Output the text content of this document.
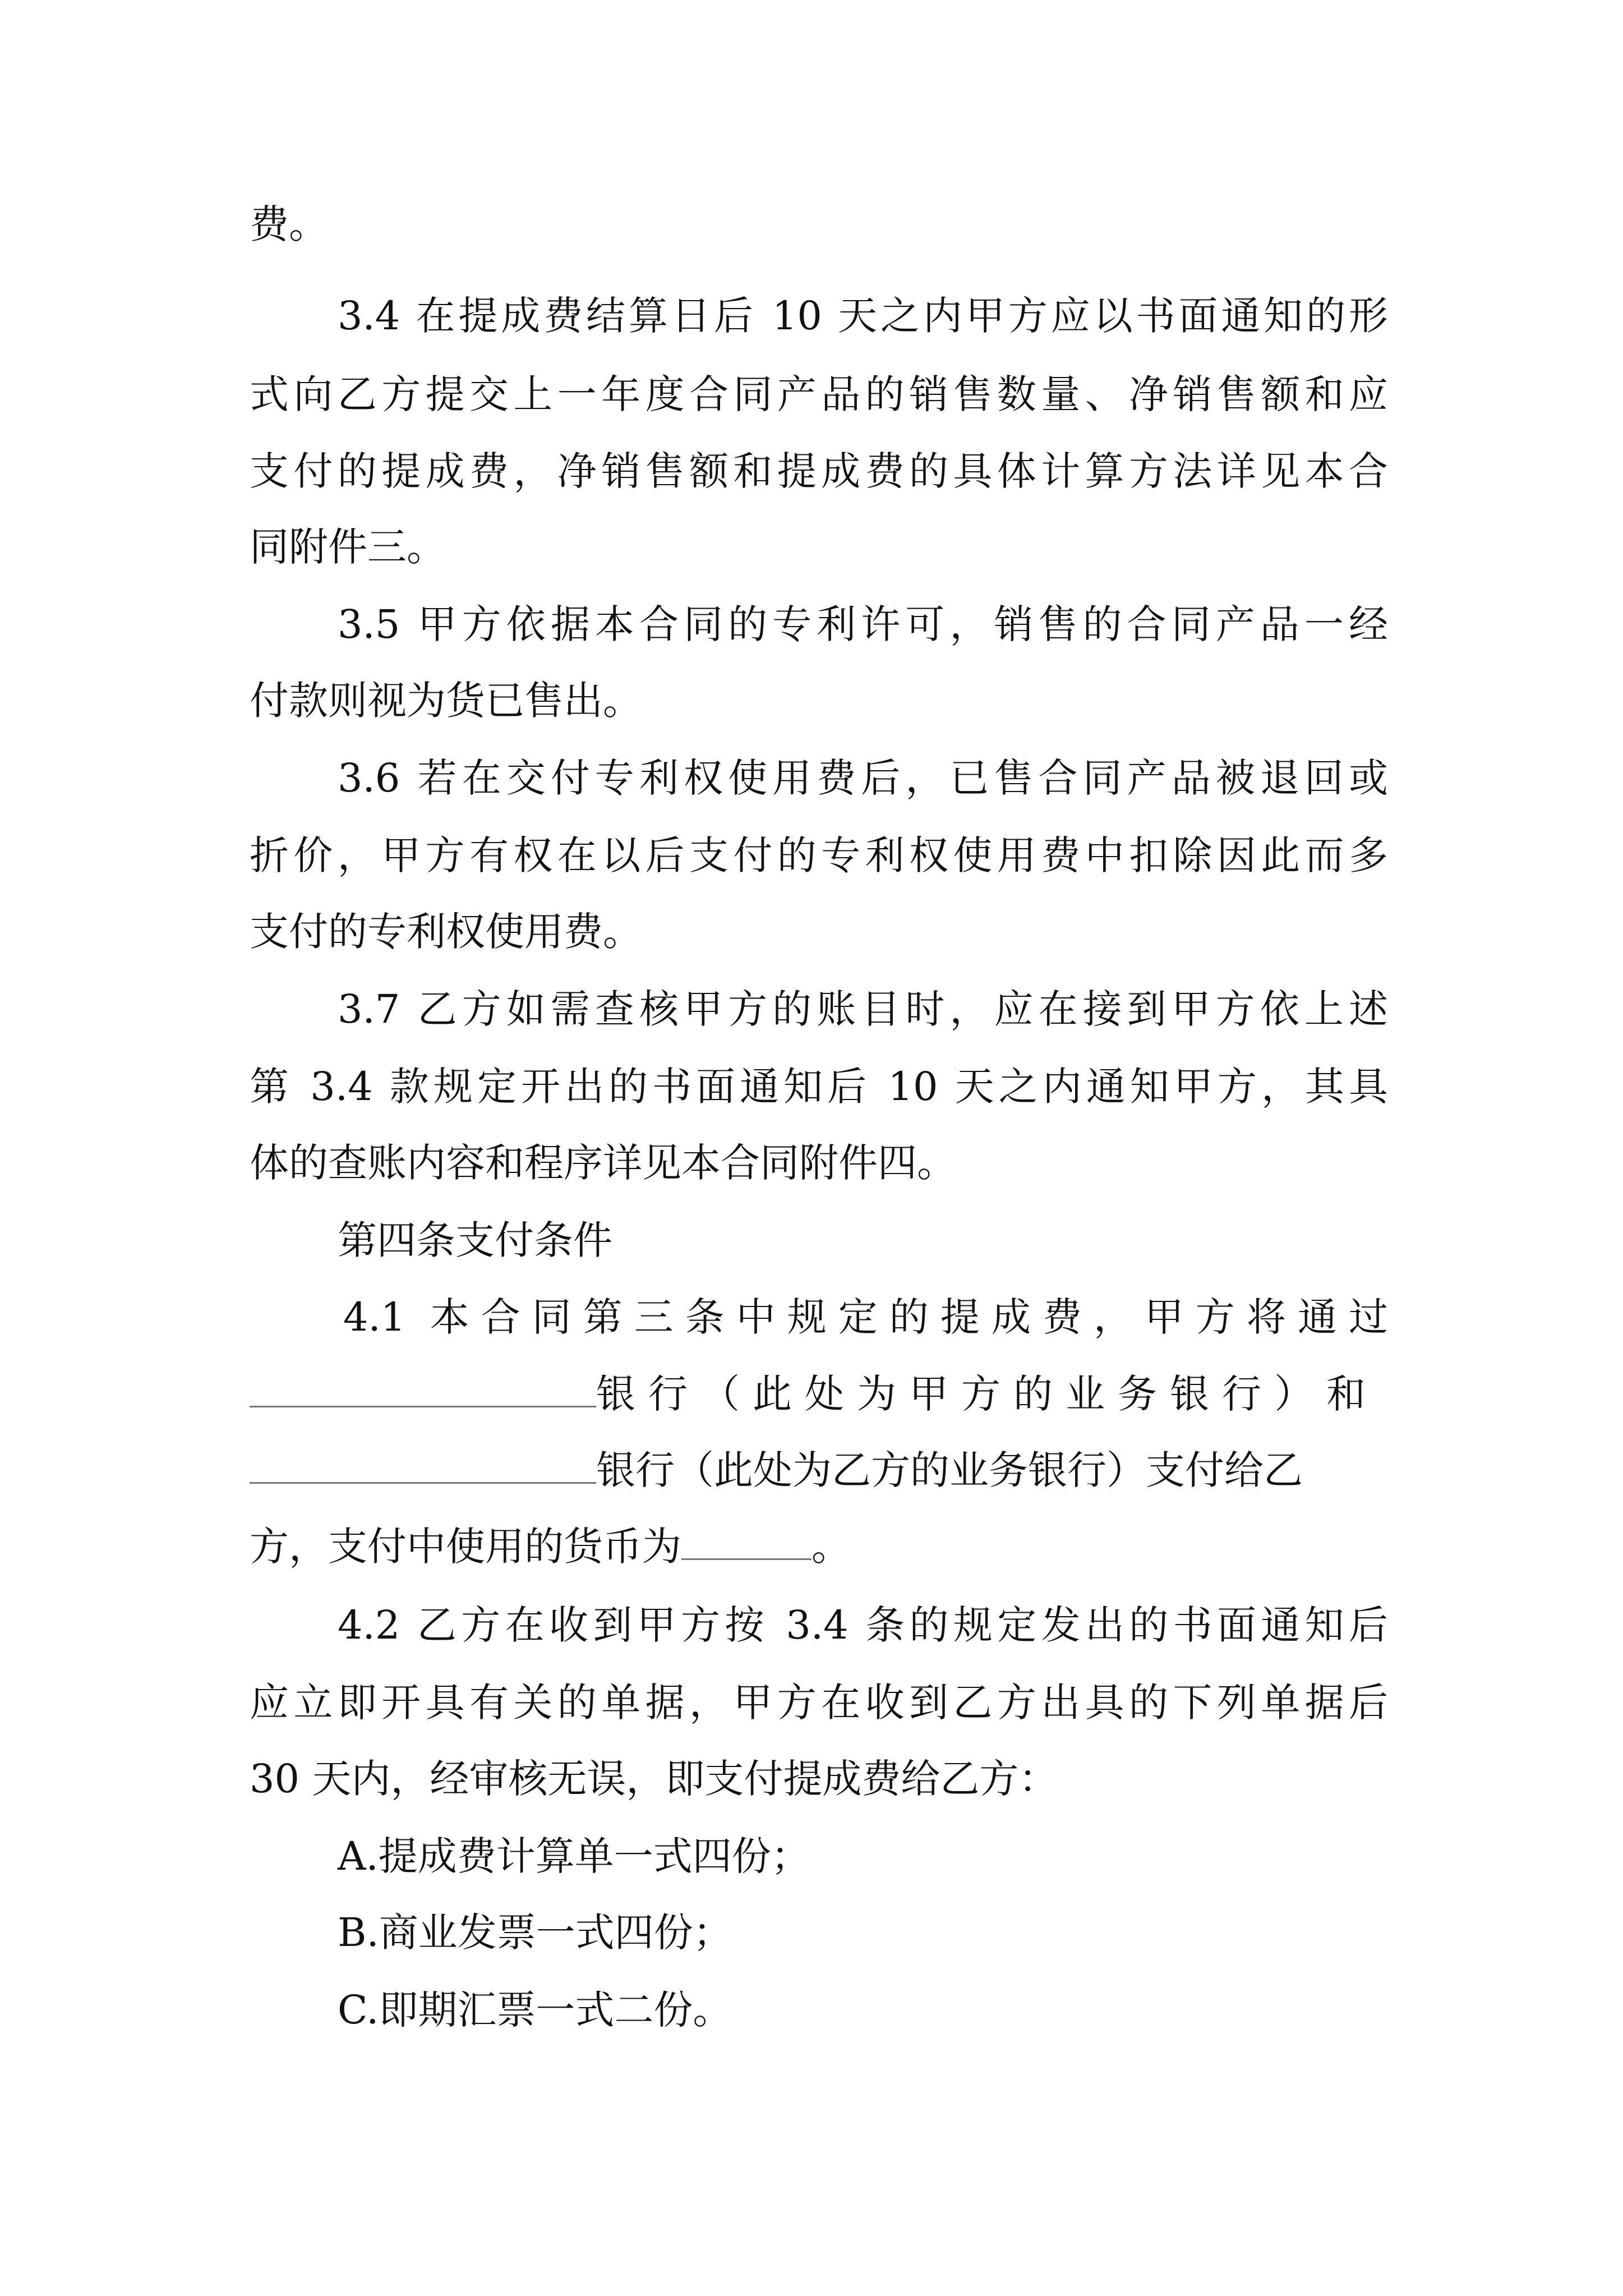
费。
3.4 在提成费结算日后 10 天之内甲方应以书面通知的形
式向乙方提交上一年度合同产品的销售数量、净销售额和应
支付的提成费，净销售额和提成费的具体计算方法详见本合
同附件三。
3.5 甲方依据本合同的专利许可，销售的合同产品一经
付款则视为货已售出。
3.6 若在交付专利权使用费后，已售合同产品被退回或
折价，甲方有权在以后支付的专利权使用费中扣除因此而多
支付的专利权使用费。
3.7 乙方如需查核甲方的账目时，应在接到甲方依上述
第 3.4 款规定开出的书面通知后 10 天之内通知甲方，其具
体的查账内容和程序详见本合同附件四。
第四条支付条件
4.1 本合同第三条中规定的提成费，甲方将通过
银行（此处为甲方的业务银行）和
银行（此处为乙方的业务银行）支付给乙
方，支付中使用的货币为	。
4.2 乙方在收到甲方按 3.4 条的规定发出的书面通知后
应立即开具有关的单据，甲方在收到乙方出具的下列单据后
30 天内，经审核无误，即支付提成费给乙方：
A.提成费计算单一式四份；
B.商业发票一式四份；
C.即期汇票一式二份。
